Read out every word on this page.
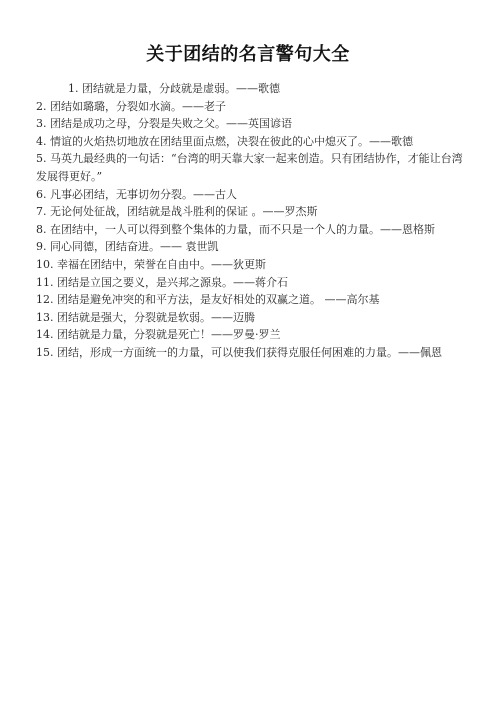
关于团结的名言警句大全

1. 团结就是力量，分歧就是虚弱。——歌德

2. 团结如璐璐，分裂如水滴。——老子

3. 团结是成功之母，分裂是失败之父。——英国谚语

4. 情谊的火焰热切地放在团结里面点燃，决裂在彼此的心中熄灭了。——歌德

5. 马英九最经典的一句话：“台湾的明天靠大家一起来创造。只有团结协作，才能让台湾发展得更好。”

6. 凡事必团结，无事切勿分裂。——古人

7. 无论何处征战，团结就是战斗胜利的保证 。——罗杰斯

8. 在团结中，一人可以得到整个集体的力量，而不只是一个人的力量。——恩格斯

9. 同心同德，团结奋进。—— 袁世凯

10. 幸福在团结中，荣誉在自由中。——狄更斯

11. 团结是立国之要义，是兴邦之源泉。——蒋介石

12. 团结是避免冲突的和平方法，是友好相处的双赢之道。 ——高尔基

13. 团结就是强大，分裂就是软弱。——迈腾

14. 团结就是力量，分裂就是死亡！——罗曼·罗兰

15. 团结，形成一方面统一的力量，可以使我们获得克服任何困难的力量。——佩恩
